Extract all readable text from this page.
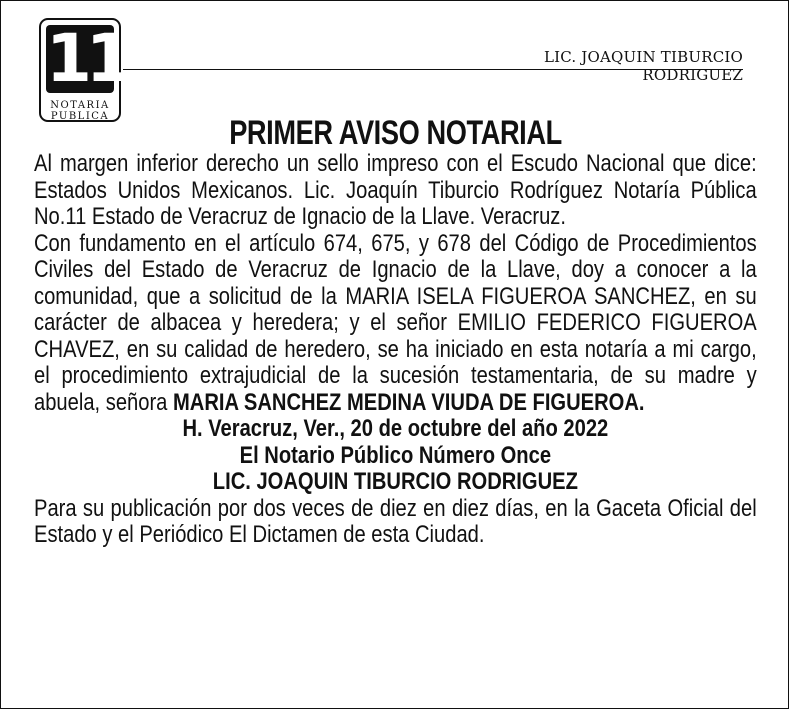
11
NOTARIA
PUBLICA
LIC. JOAQUIN TIBURCIO RODRIGUEZ
PRIMER AVISO NOTARIAL

Al margen inferior derecho un sello impreso con el Escudo Nacional que dice: Estados Unidos Mexicanos. Lic. Joaquín Tiburcio Rodríguez Notaría Pública No.11 Estado de Veracruz de Ignacio de la Llave. Veracruz.

Con fundamento en el artículo 674, 675, y 678 del Código de Procedimientos Civiles del Estado de Veracruz de Ignacio de la Llave, doy a conocer a la comunidad, que a solicitud de la MARIA ISELA FIGUEROA SANCHEZ, en su carácter de albacea y heredera; y el señor EMILIO FEDERICO FIGUEROA CHAVEZ, en su calidad de heredero, se ha iniciado en esta notaría a mi cargo, el procedimiento extrajudicial de la sucesión testamentaria, de su madre y abuela, señora MARIA SANCHEZ MEDINA VIUDA DE FIGUEROA.

H. Veracruz, Ver., 20 de octubre del año 2022
El Notario Público Número Once
LIC. JOAQUIN TIBURCIO RODRIGUEZ

Para su publicación por dos veces de diez en diez días, en la Gaceta Oficial del Estado y el Periódico El Dictamen de esta Ciudad.
